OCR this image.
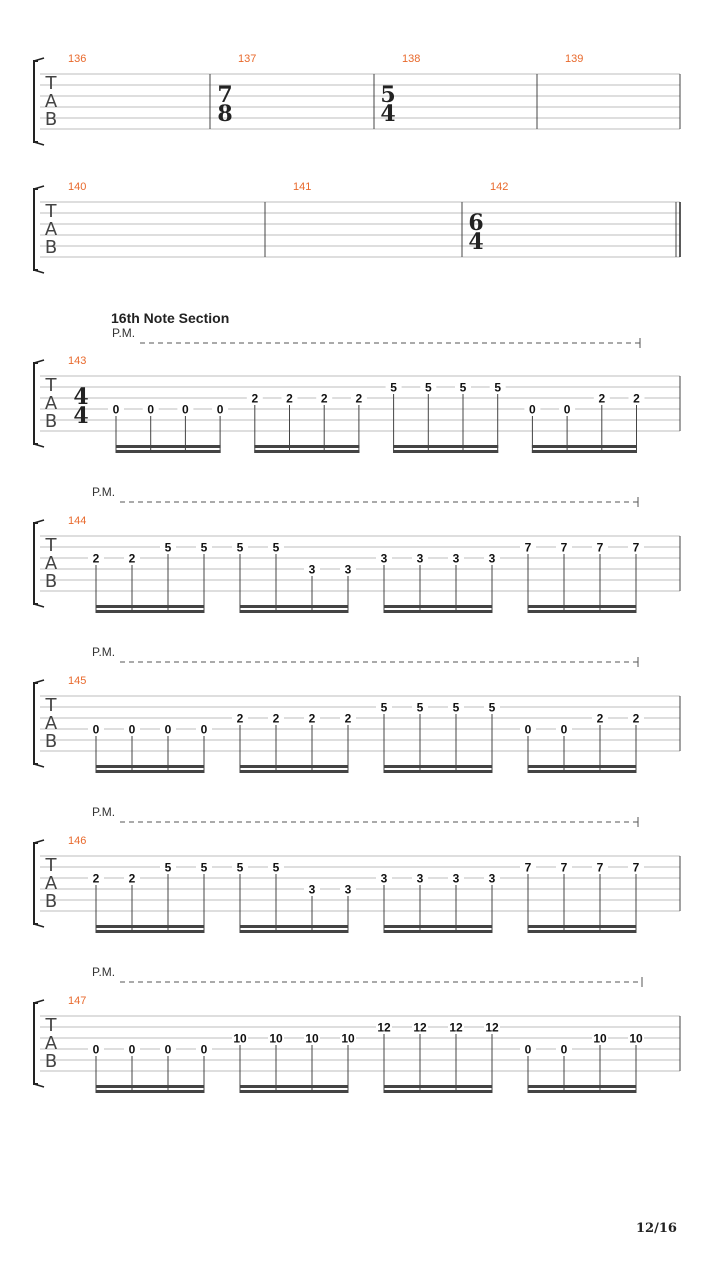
T
A
B
136	137
7
8
138
5
4
139
T
A
B
140	141	142
6
4
T
A
B
16th Note Section
P.M.
143
4
4 0 0 0 0
2 2 2 2
5 5 5 5
0 0
2 2
T
A
B
P.M.
144
2 2
5 5 5 5
3 3
3 3 3 3
7 7 7 7
T
A
B
P.M.
145
0 0 0 0
2 2 2 2
5 5 5 5
0 0
2 2
T
A
B
P.M.
146
2 2
5 5 5 5
3 3
3 3 3 3
7 7 7 7
T
A
B
P.M.
147
0 0 0 0
10 10 10 10
12 12 12 12
0 0
10 10
12/16
